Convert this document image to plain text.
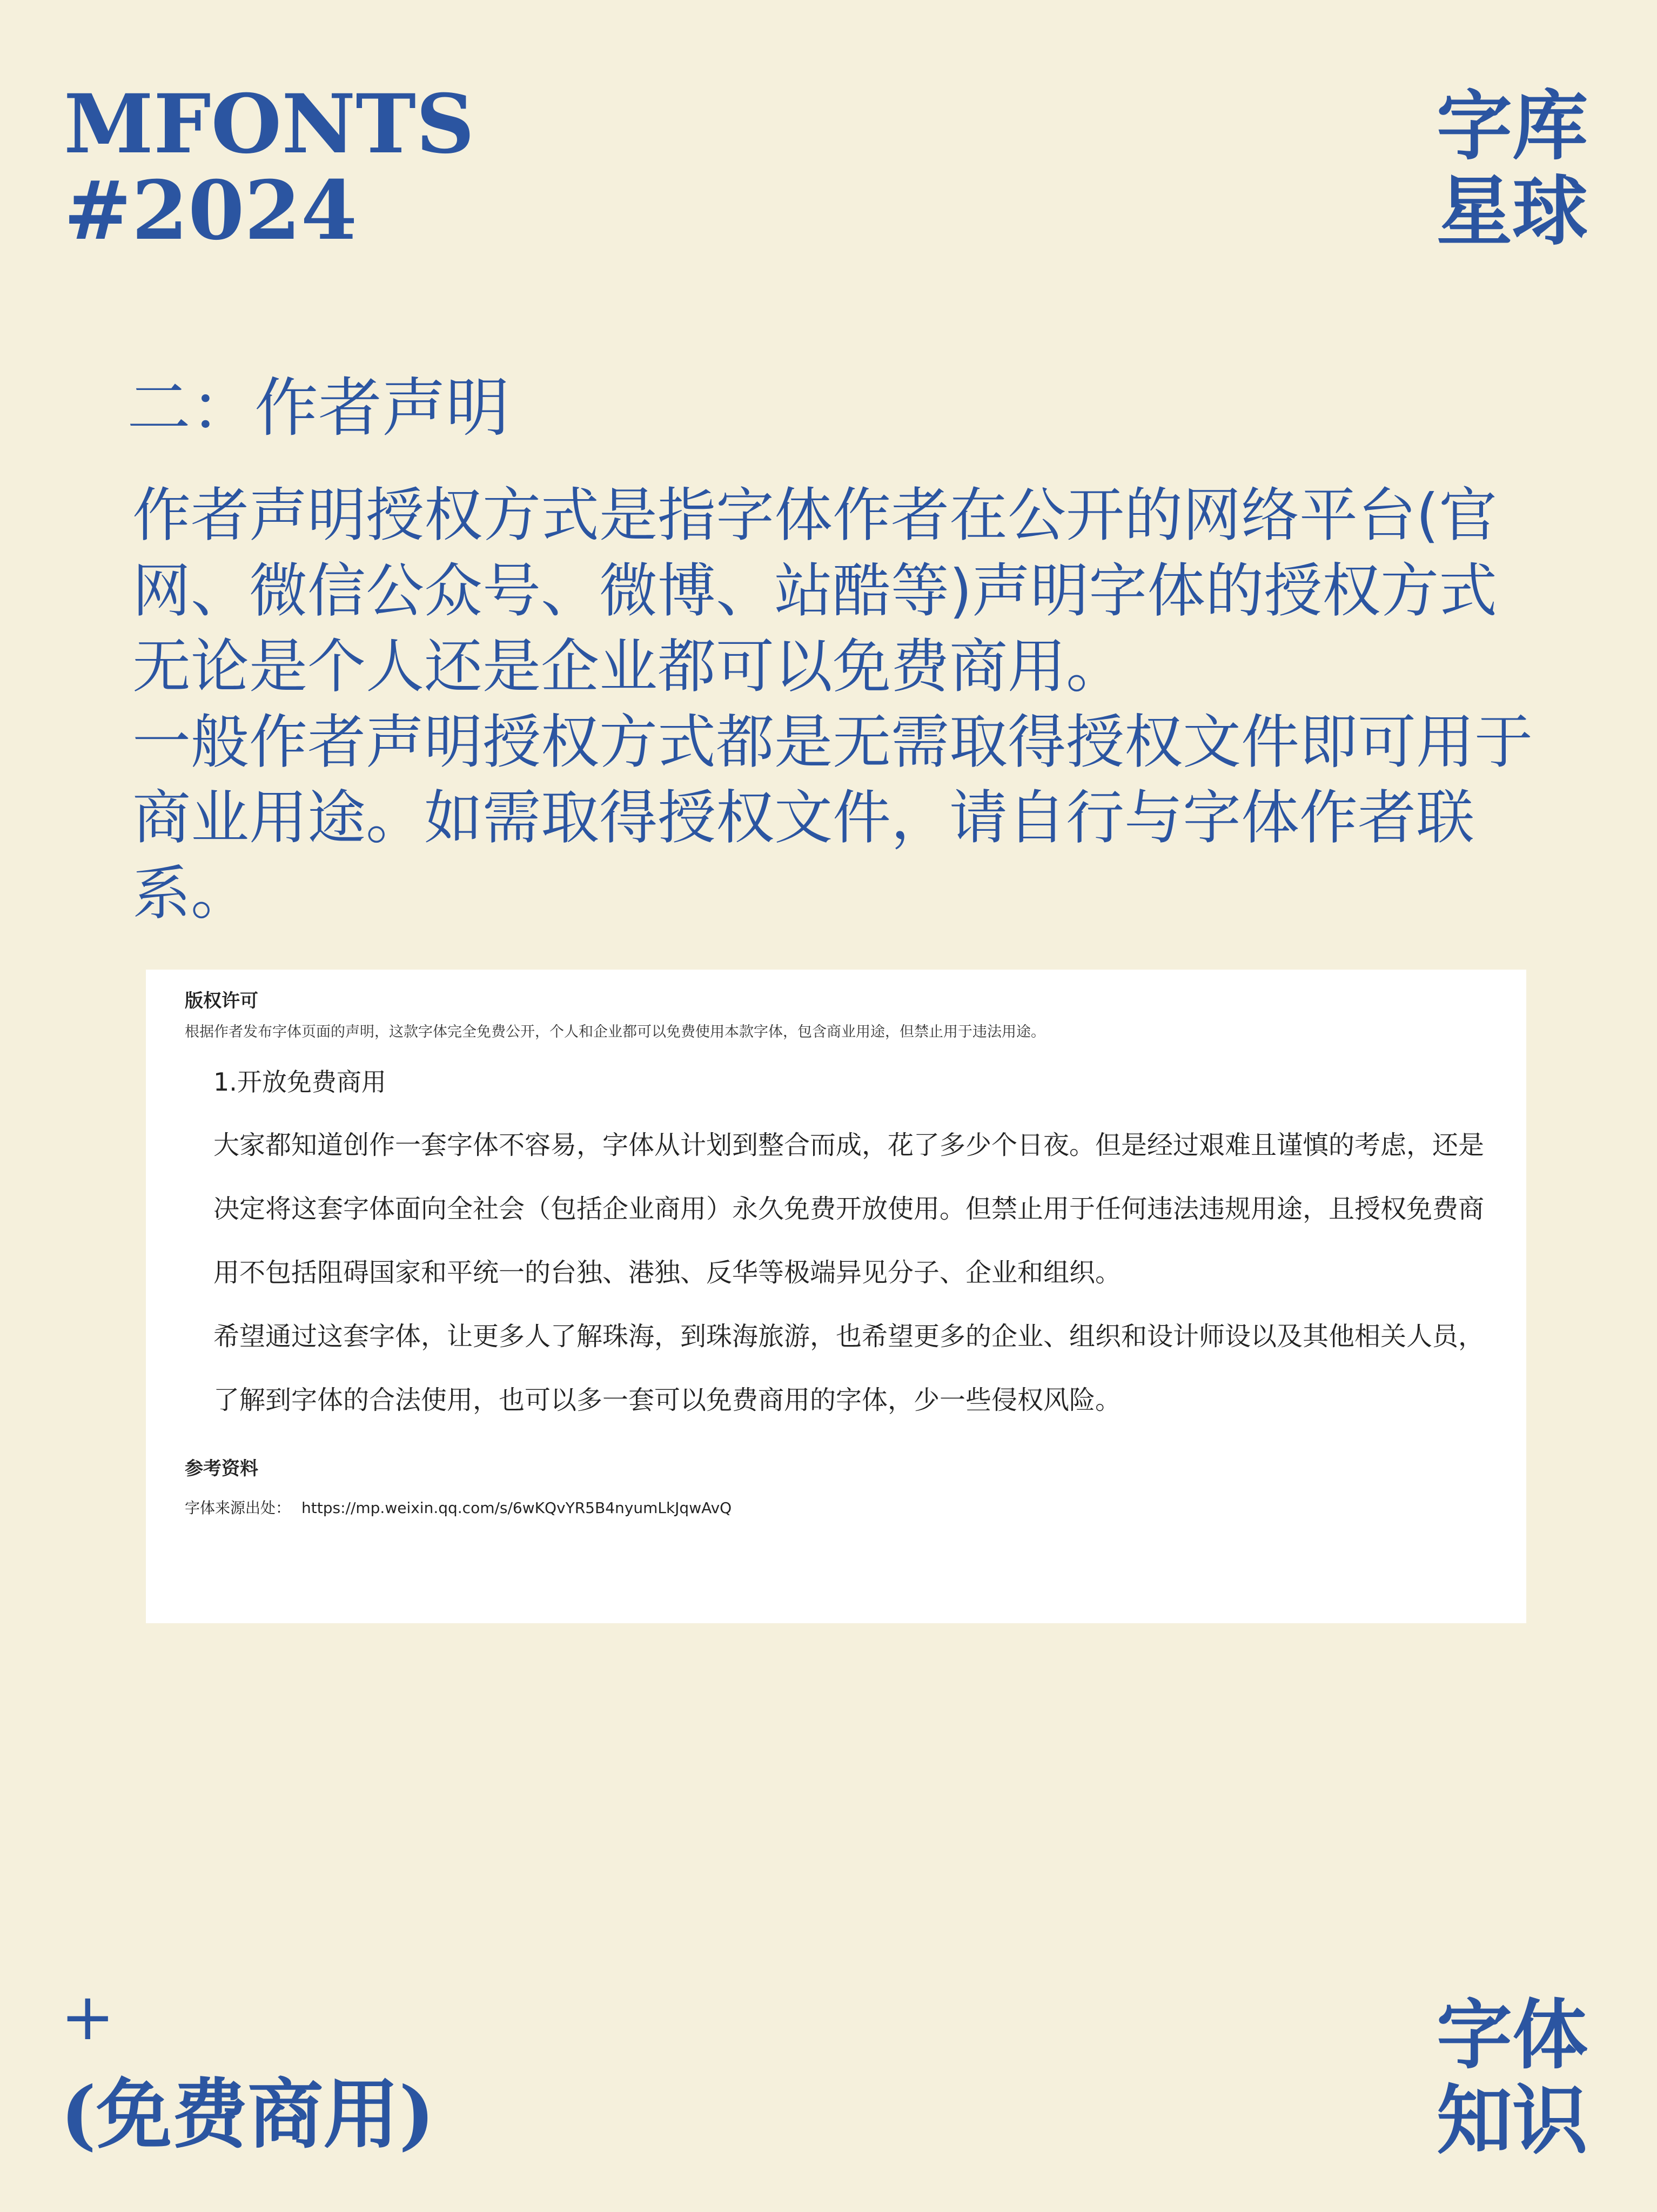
MFONTS
#2024
字库
星球
二：作者声明

作者声明授权方式是指字体作者在公开的网络平台(官网、微信公众号、微博、站酷等)声明字体的授权方式无论是个人还是企业都可以免费商用。

一般作者声明授权方式都是无需取得授权文件即可用于商业用途。如需取得授权文件，请自行与字体作者联系。

版权许可
根据作者发布字体页面的声明，这款字体完全免费公开，个人和企业都可以免费使用本款字体，包含商业用途，但禁止用于违法用途。
1.开放免费商用
大家都知道创作一套字体不容易，字体从计划到整合而成，花了多少个日夜。但是经过艰难且谨慎的考虑，还是决定将这套字体面向全社会（包括企业商用）永久免费开放使用。但禁止用于任何违法违规用途，且授权免费商用不包括阻碍国家和平统一的台独、港独、反华等极端异见分子、企业和组织。
希望通过这套字体，让更多人了解珠海，到珠海旅游，也希望更多的企业、组织和设计师设以及其他相关人员，了解到字体的合法使用，也可以多一套可以免费商用的字体，少一些侵权风险。
参考资料
字体来源出处： https://mp.weixin.qq.com/s/6wKQvYR5B4nyumLkJqwAvQ
+
(免费商用)
字体
知识
